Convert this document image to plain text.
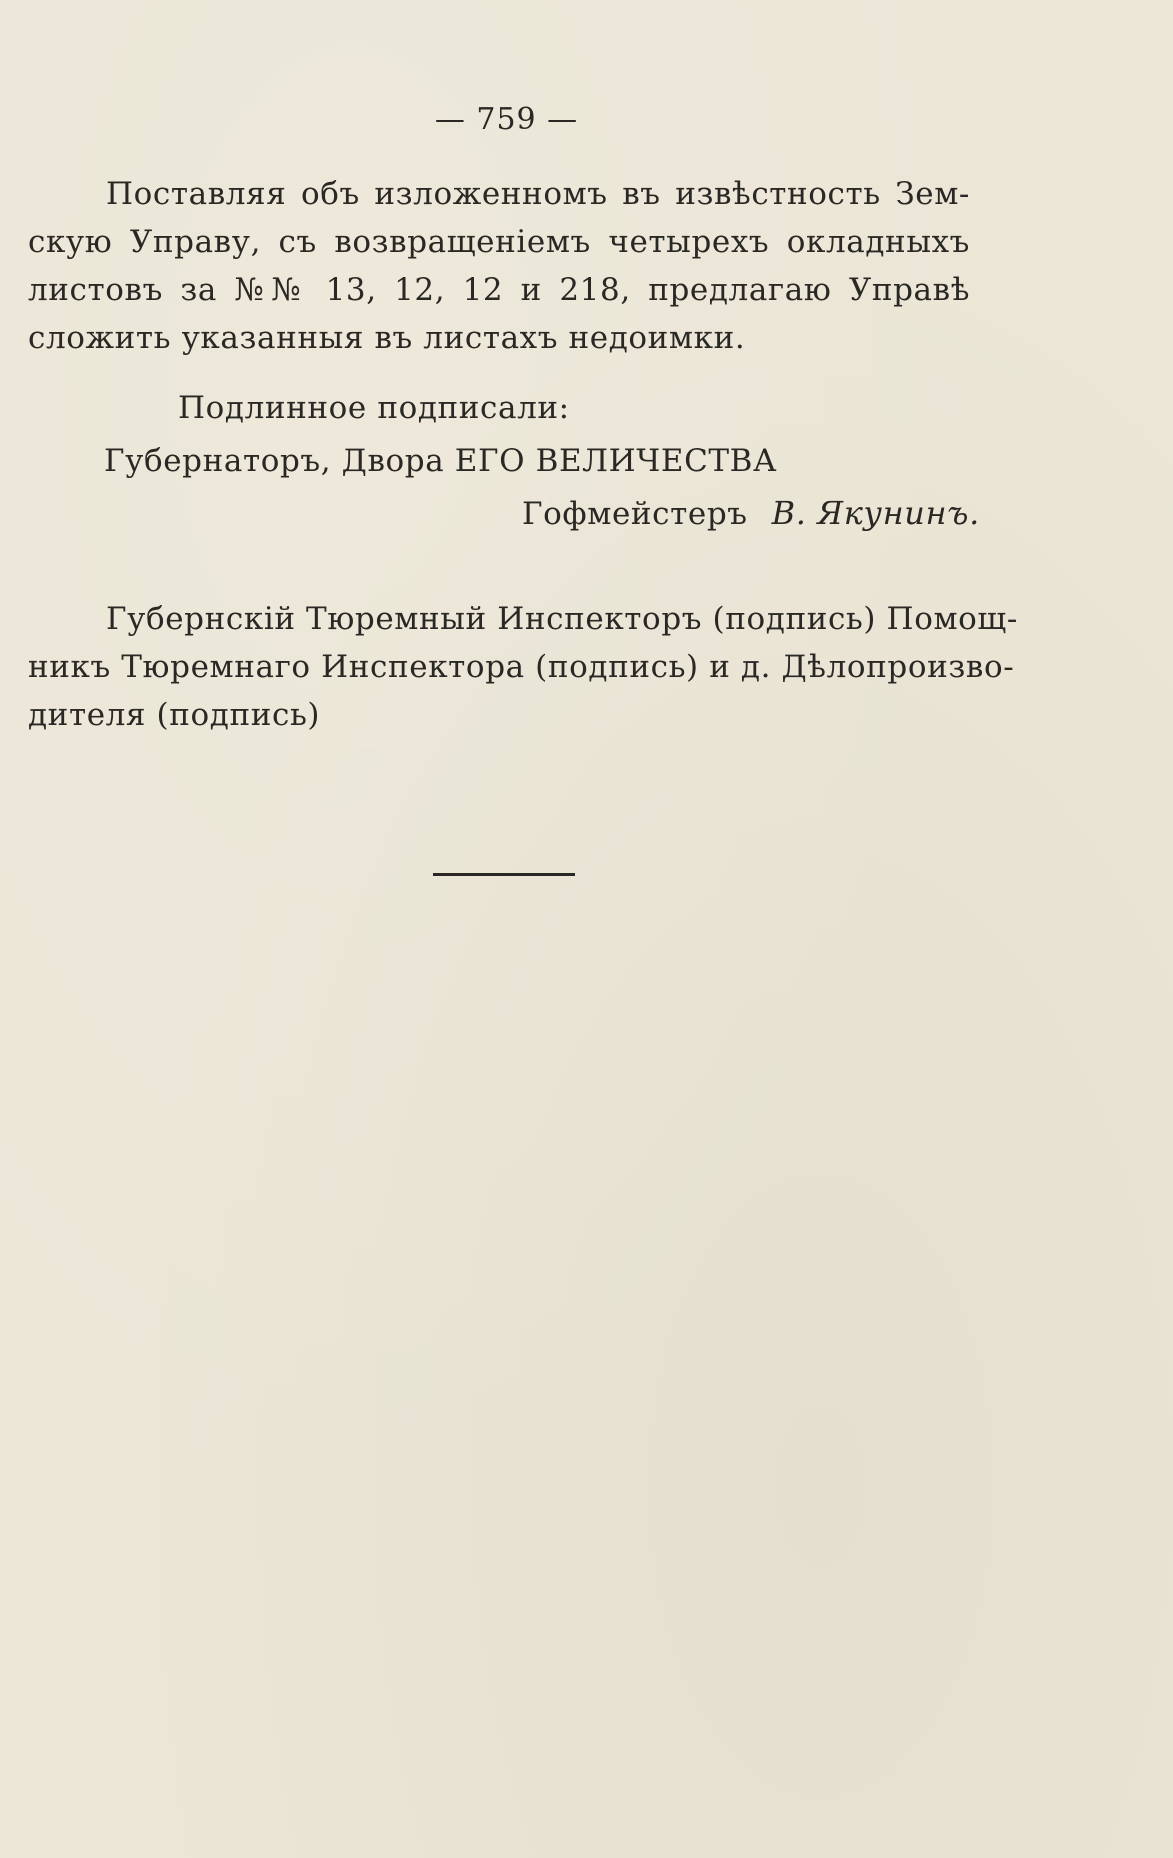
— 759 —
Поставляя объ изложенномъ въ извѣстность Зем-
скую Управу, съ возвращеніемъ четырехъ окладныхъ
листовъ за №№ 13, 12, 12 и 218, предлагаю Управѣ
сложить указанныя въ листахъ недоимки.
Подлинное подписали:
Губернаторъ, Двора ЕГО ВЕЛИЧЕСТВА
Гофмейстеръ В. Якунинъ.
Губернскій Тюремный Инспекторъ (подпись) Помощ-
никъ Тюремнаго Инспектора (подпись) и д. Дѣлопроизво-
дителя (подпись)
